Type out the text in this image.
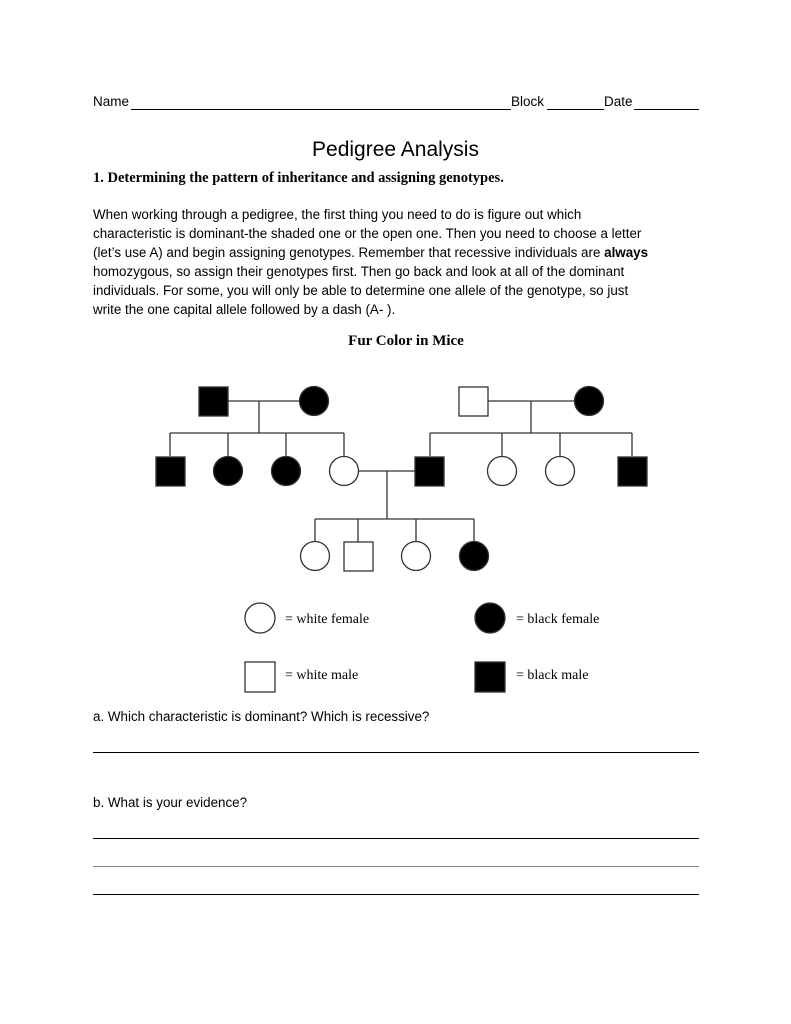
Name	Block	Date
Pedigree Analysis
1. Determining the pattern of inheritance and assigning genotypes.
When working through a pedigree, the first thing you need to do is figure out which
characteristic is dominant-the shaded one or the open one. Then you need to choose a letter
(let’s use A) and begin assigning genotypes. Remember that recessive individuals are always
homozygous, so assign their genotypes first. Then go back and look at all of the dominant
individuals. For some, you will only be able to determine one allele of the genotype, so just
write the one capital allele followed by a dash (A- ).
Fur Color in Mice
= white female	= black female
= white male	= black male
a. Which characteristic is dominant? Which is recessive?
b. What is your evidence?
